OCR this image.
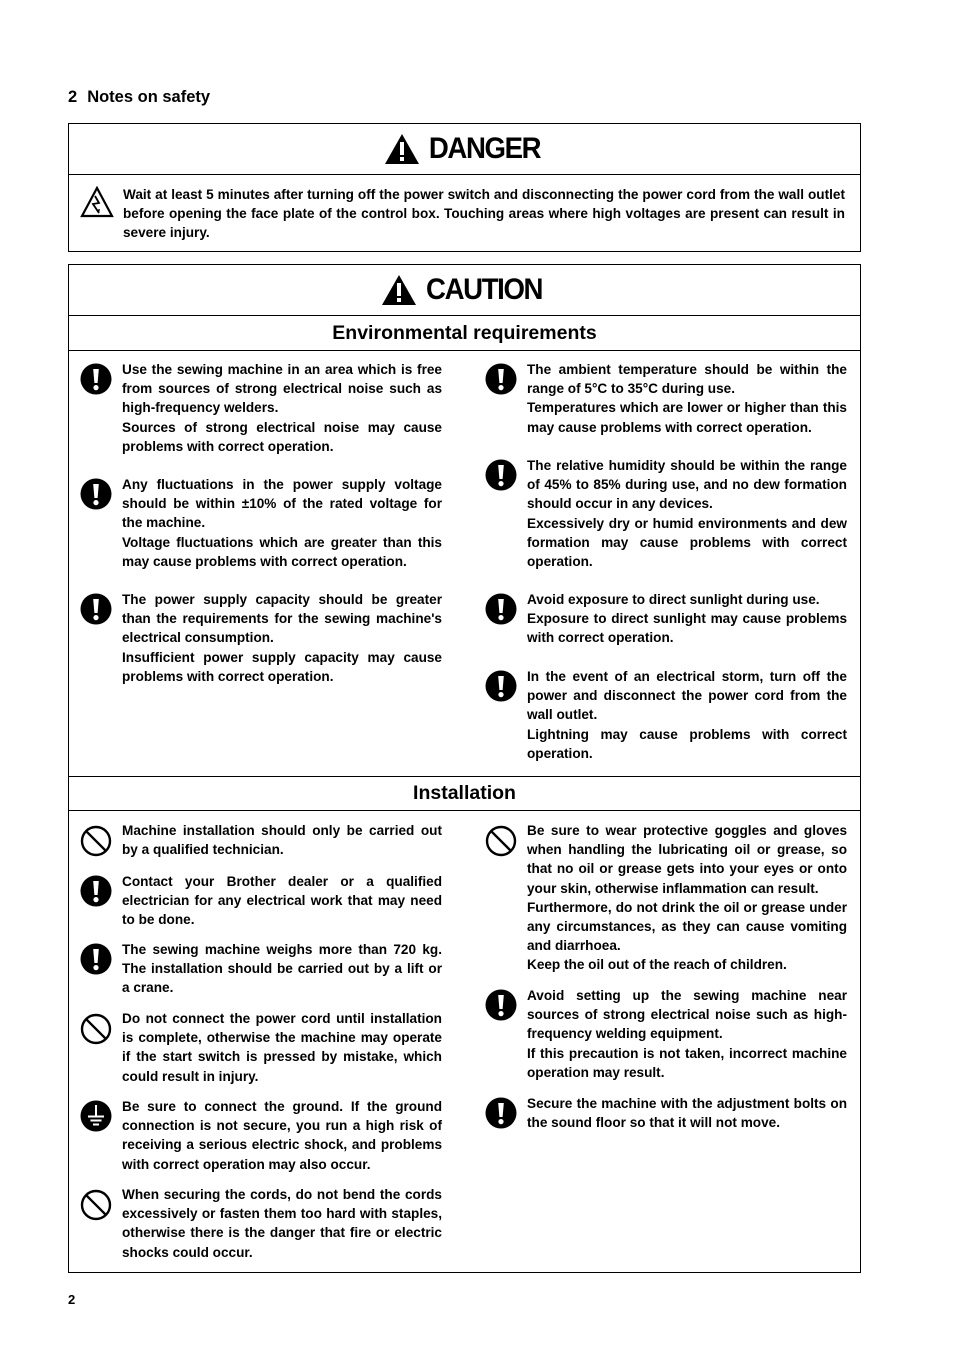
2 Notes on safety
DANGER
Wait at least 5 minutes after turning off the power switch and disconnecting the power cord from the wall outlet before opening the face plate of the control box. Touching areas where high voltages are present can result in severe injury.
CAUTION
Environmental requirements
Installation
Use the sewing machine in an area which is free from sources of strong electrical noise such as high-frequency welders.
Sources of strong electrical noise may cause problems with correct operation.
Any fluctuations in the power supply voltage should be within ±10% of the rated voltage for the machine.
Voltage fluctuations which are greater than this may cause problems with correct operation.
The power supply capacity should be greater than the requirements for the sewing machine's electrical consumption.
Insufficient power supply capacity may cause problems with correct operation.
The ambient temperature should be within the range of 5°C to 35°C during use.
Temperatures which are lower or higher than this may cause problems with correct operation.
The relative humidity should be within the range of 45% to 85% during use, and no dew formation should occur in any devices.
Excessively dry or humid environments and dew formation may cause problems with correct operation.
Avoid exposure to direct sunlight during use.
Exposure to direct sunlight may cause problems with correct operation.
In the event of an electrical storm, turn off the power and disconnect the power cord from the wall outlet.
Lightning may cause problems with correct operation.
Machine installation should only be carried out by a qualified technician.
Contact your Brother dealer or a qualified electrician for any electrical work that may need to be done.
The sewing machine weighs more than 720 kg. The installation should be carried out by a lift or a crane.
Do not connect the power cord until installation is complete, otherwise the machine may operate if the start switch is pressed by mistake, which could result in injury.
Be sure to connect the ground. If the ground connection is not secure, you run a high risk of receiving a serious electric shock, and problems with correct operation may also occur.
When securing the cords, do not bend the cords excessively or fasten them too hard with staples, otherwise there is the danger that fire or electric shocks could occur.
Be sure to wear protective goggles and gloves when handling the lubricating oil or grease, so that no oil or grease gets into your eyes or onto your skin, otherwise inflammation can result.
Furthermore, do not drink the oil or grease under any circumstances, as they can cause vomiting and diarrhoea.
Keep the oil out of the reach of children.
Avoid setting up the sewing machine near sources of strong electrical noise such as high-frequency welding equipment.
If this precaution is not taken, incorrect machine operation may result.
Secure the machine with the adjustment bolts on the sound floor so that it will not move.
2
